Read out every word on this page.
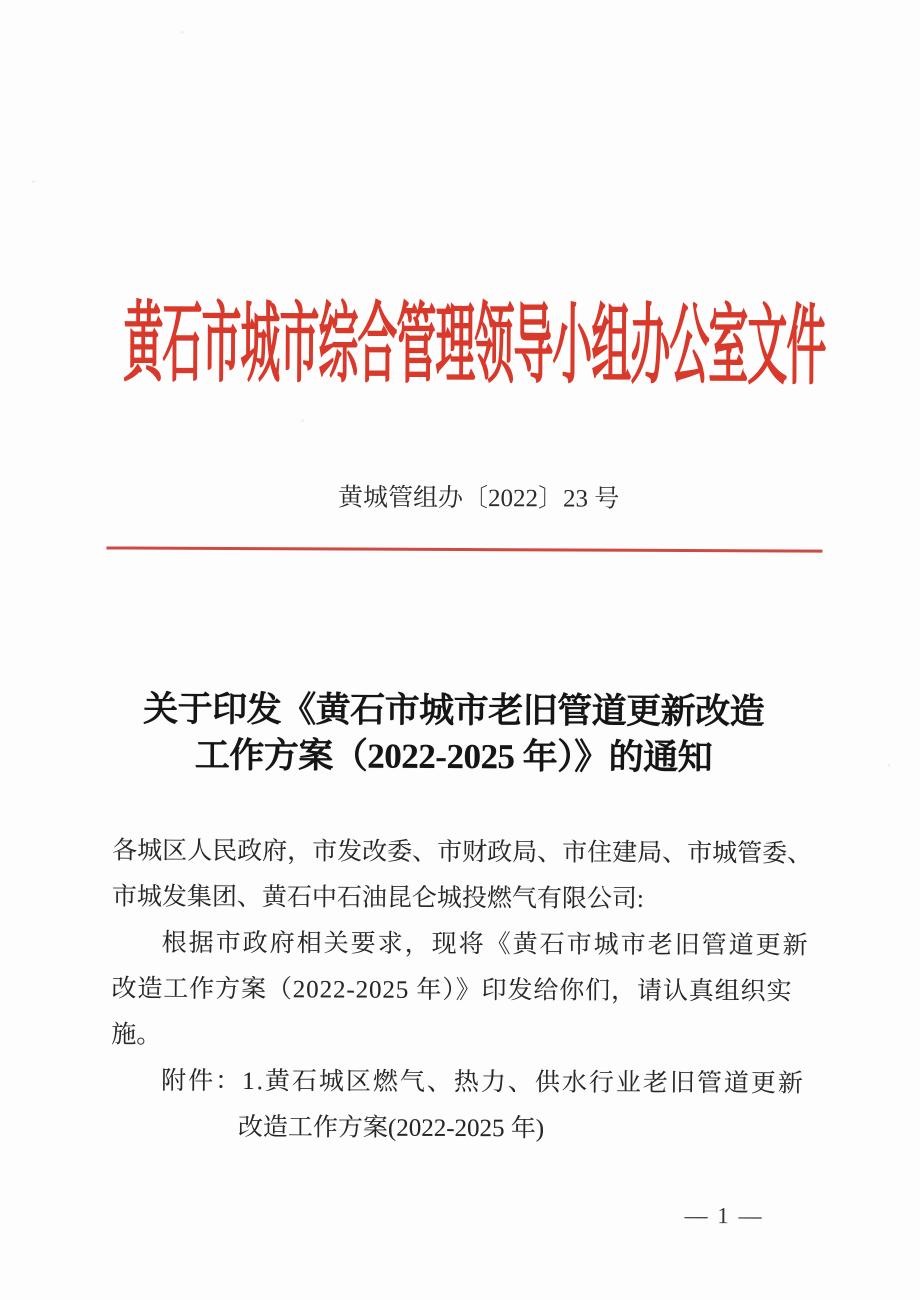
黄石市城市综合管理领导小组办公室文件
黄城管组办〔2022〕23 号
关于印发《黄石市城市老旧管道更新改造
工作方案（2022-2025 年）》的通知
各城区人民政府，市发改委、市财政局、市住建局、市城管委、
市城发集团、黄石中石油昆仑城投燃气有限公司:
根据市政府相关要求，现将《黄石市城市老旧管道更新
改造工作方案（2022-2025 年）》印发给你们，请认真组织实
施。
附件：1.黄石城区燃气、热力、供水行业老旧管道更新
改造工作方案(2022-2025 年)
— 1 —
